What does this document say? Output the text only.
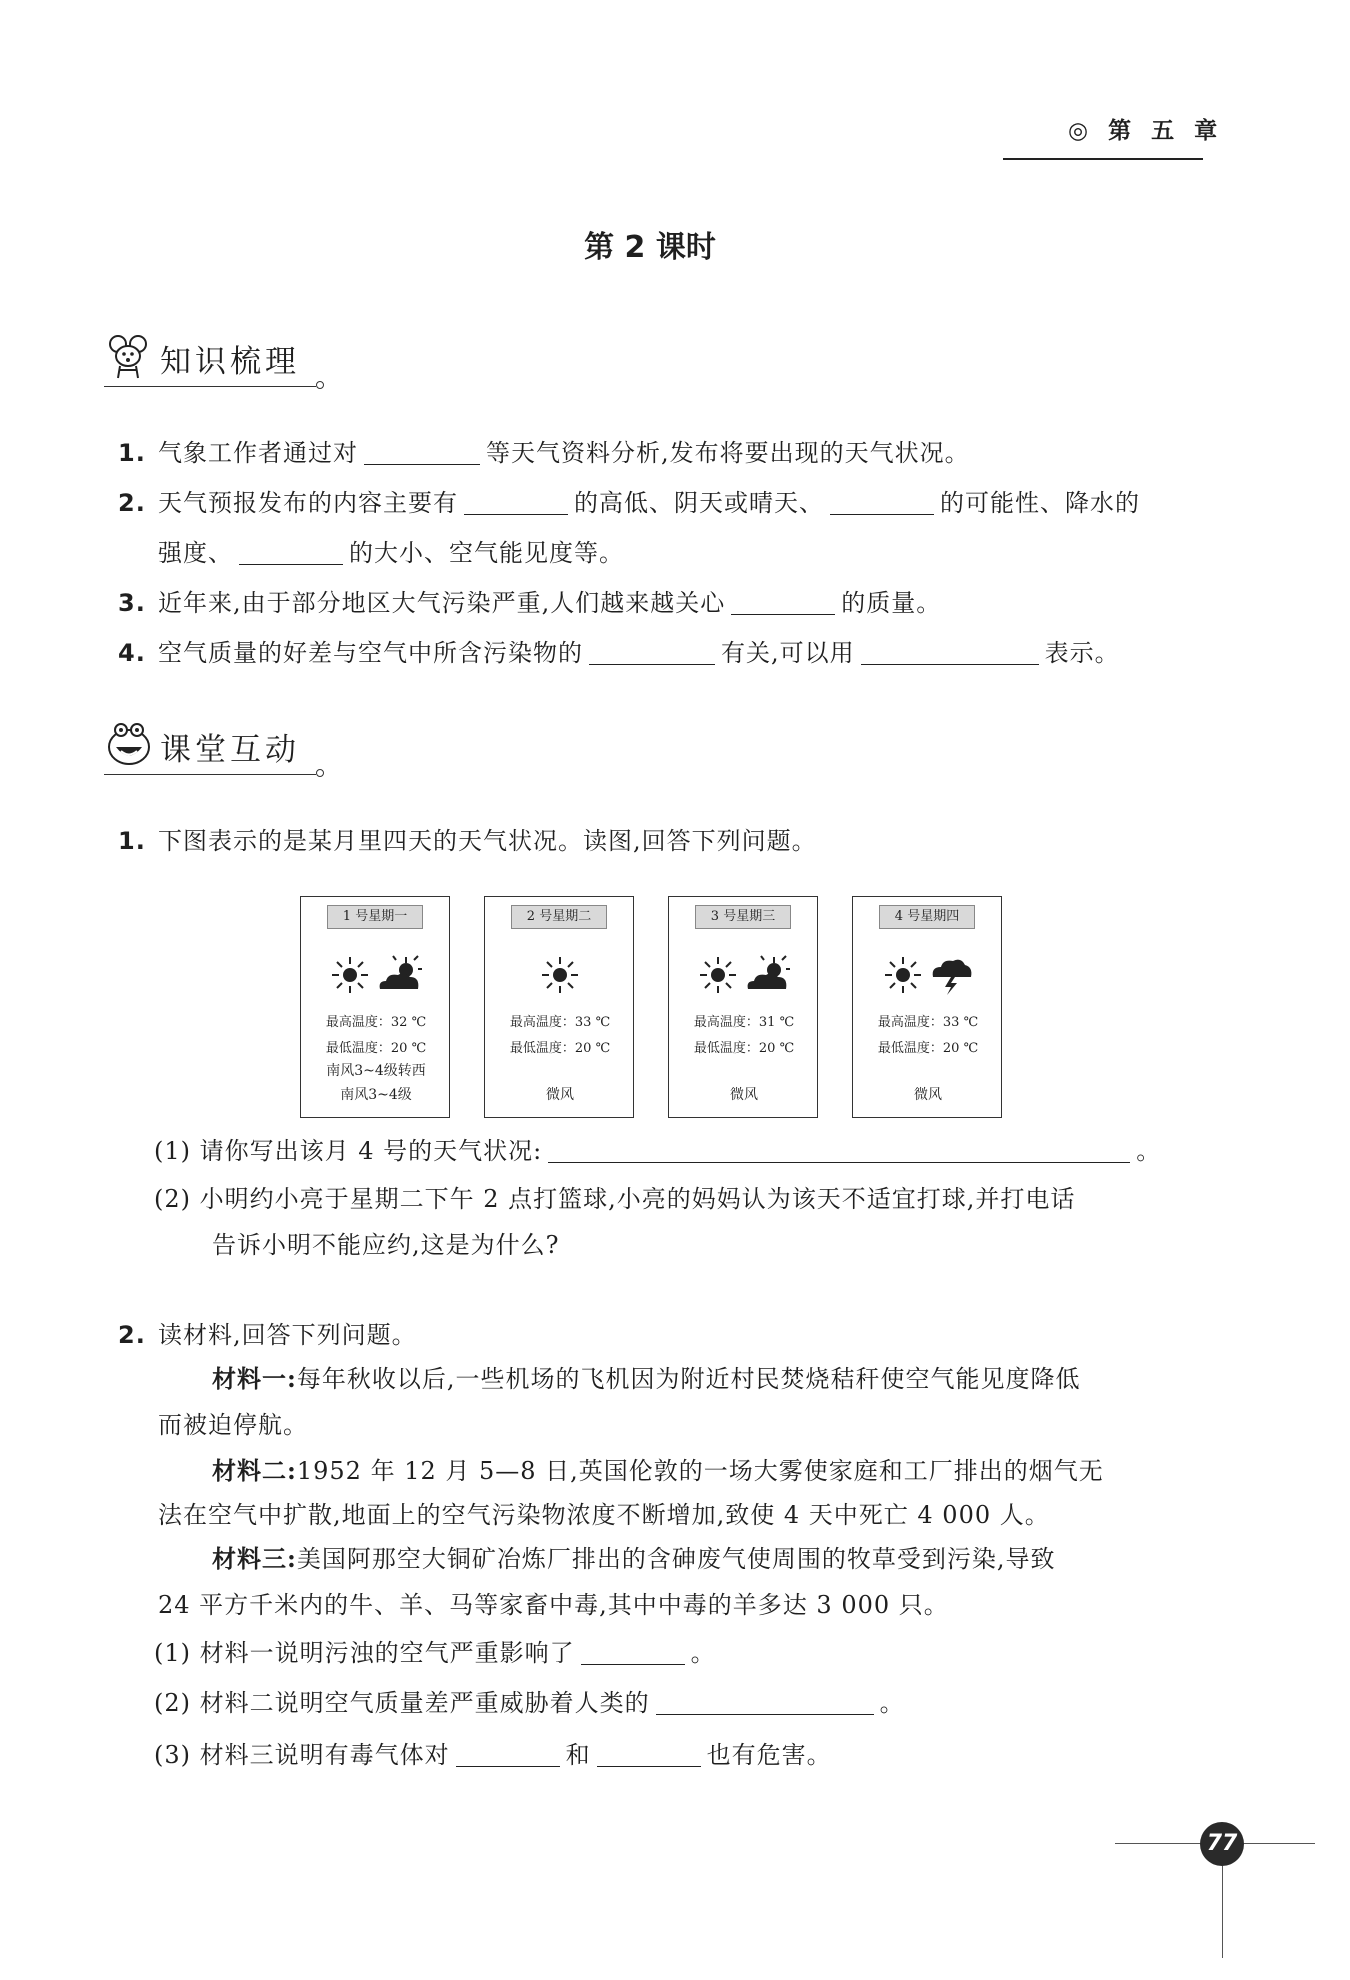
◎ 第 五 章
第 2 课时
知识梳理
1. 气象工作者通过对	等天气资料分析,发布将要出现的天气状况。
2. 天气预报发布的内容主要有	的高低、阴天或晴天、	的可能性、降水的
强度、	的大小、空气能见度等。
3. 近年来,由于部分地区大气污染严重,人们越来越关心	的质量。
4. 空气质量的好差与空气中所含污染物的	有关,可以用	表示。
课堂互动
1. 下图表示的是某月里四天的天气状况。读图,回答下列问题。
1 号星期一

最高温度：32 ℃
最低温度：20 ℃
南风3~4级转西
南风3~4级
2 号星期二
最高温度：33 ℃
最低温度：20 ℃
微风
3 号星期三

最高温度：31 ℃
最低温度：20 ℃
微风
4 号星期四

最高温度：33 ℃
最低温度：20 ℃
微风
(1) 请你写出该月 4 号的天气状况:	。
(2) 小明约小亮于星期二下午 2 点打篮球,小亮的妈妈认为该天不适宜打球,并打电话
告诉小明不能应约,这是为什么?
2. 读材料,回答下列问题。
材料一:每年秋收以后,一些机场的飞机因为附近村民焚烧秸秆使空气能见度降低
而被迫停航。
材料二:1952 年 12 月 5—8 日,英国伦敦的一场大雾使家庭和工厂排出的烟气无
法在空气中扩散,地面上的空气污染物浓度不断增加,致使 4 天中死亡 4 000 人。
材料三:美国阿那空大铜矿冶炼厂排出的含砷废气使周围的牧草受到污染,导致
24 平方千米内的牛、羊、马等家畜中毒,其中中毒的羊多达 3 000 只。
(1) 材料一说明污浊的空气严重影响了	。
(2) 材料二说明空气质量差严重威胁着人类的	。
(3) 材料三说明有毒气体对	和	也有危害。
77
